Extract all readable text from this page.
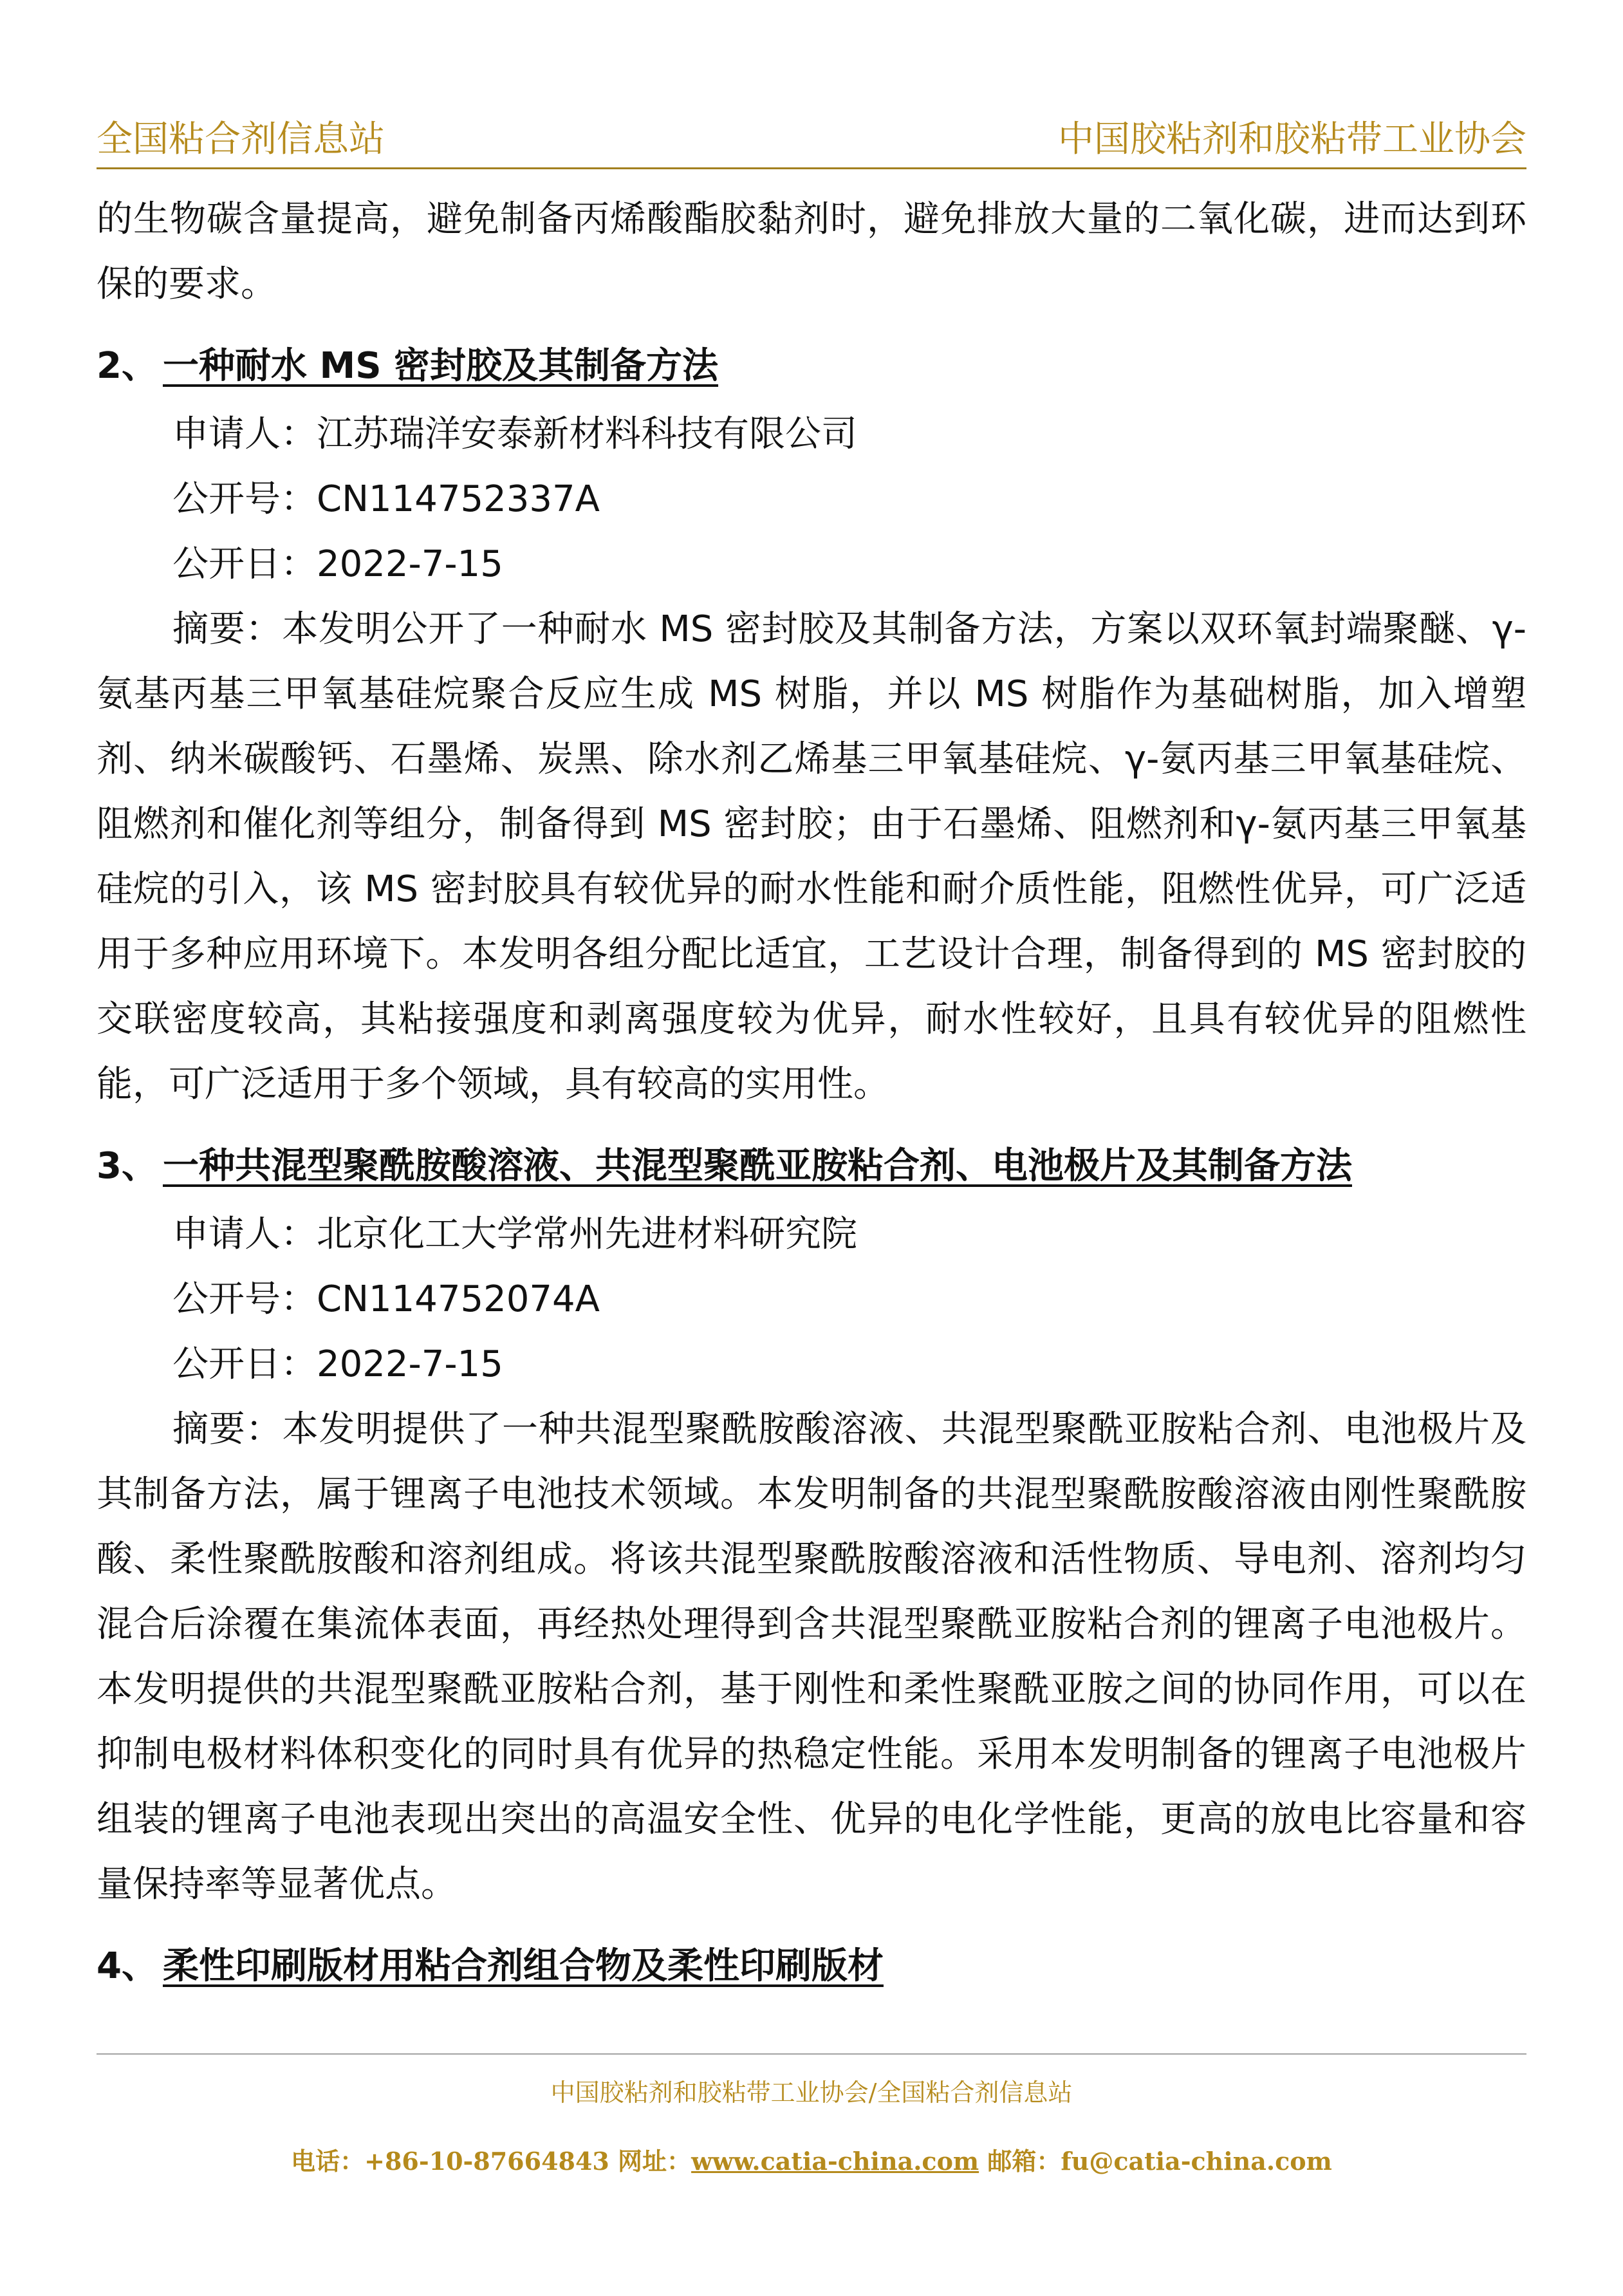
全国粘合剂信息站	中国胶粘剂和胶粘带工业协会

的生物碳含量提高，避免制备丙烯酸酯胶黏剂时，避免排放大量的二氧化碳，进而达到环保的要求。

2、 一种耐水 MS 密封胶及其制备方法

申请人：江苏瑞洋安泰新材料科技有限公司

公开号：CN114752337A

公开日：2022-7-15

摘要：本发明公开了一种耐水 MS 密封胶及其制备方法，方案以双环氧封端聚醚、γ-氨基丙基三甲氧基硅烷聚合反应生成 MS 树脂，并以 MS 树脂作为基础树脂，加入增塑剂、纳米碳酸钙、石墨烯、炭黑、除水剂乙烯基三甲氧基硅烷、γ-氨丙基三甲氧基硅烷、阻燃剂和催化剂等组分，制备得到 MS 密封胶；由于石墨烯、阻燃剂和γ-氨丙基三甲氧基硅烷的引入，该 MS 密封胶具有较优异的耐水性能和耐介质性能，阻燃性优异，可广泛适用于多种应用环境下。本发明各组分配比适宜，工艺设计合理，制备得到的 MS 密封胶的交联密度较高，其粘接强度和剥离强度较为优异，耐水性较好，且具有较优异的阻燃性能，可广泛适用于多个领域，具有较高的实用性。

3、 一种共混型聚酰胺酸溶液、共混型聚酰亚胺粘合剂、电池极片及其制备方法

申请人：北京化工大学常州先进材料研究院

公开号：CN114752074A

公开日：2022-7-15

摘要：本发明提供了一种共混型聚酰胺酸溶液、共混型聚酰亚胺粘合剂、电池极片及其制备方法，属于锂离子电池技术领域。本发明制备的共混型聚酰胺酸溶液由刚性聚酰胺酸、柔性聚酰胺酸和溶剂组成。将该共混型聚酰胺酸溶液和活性物质、导电剂、溶剂均匀混合后涂覆在集流体表面，再经热处理得到含共混型聚酰亚胺粘合剂的锂离子电池极片。本发明提供的共混型聚酰亚胺粘合剂，基于刚性和柔性聚酰亚胺之间的协同作用，可以在抑制电极材料体积变化的同时具有优异的热稳定性能。采用本发明制备的锂离子电池极片组装的锂离子电池表现出突出的高温安全性、优异的电化学性能，更高的放电比容量和容量保持率等显著优点。

4、 柔性印刷版材用粘合剂组合物及柔性印刷版材
中国胶粘剂和胶粘带工业协会/全国粘合剂信息站
电话：+86-10-87664843 网址：www.catia-china.com 邮箱：fu@catia-china.com
